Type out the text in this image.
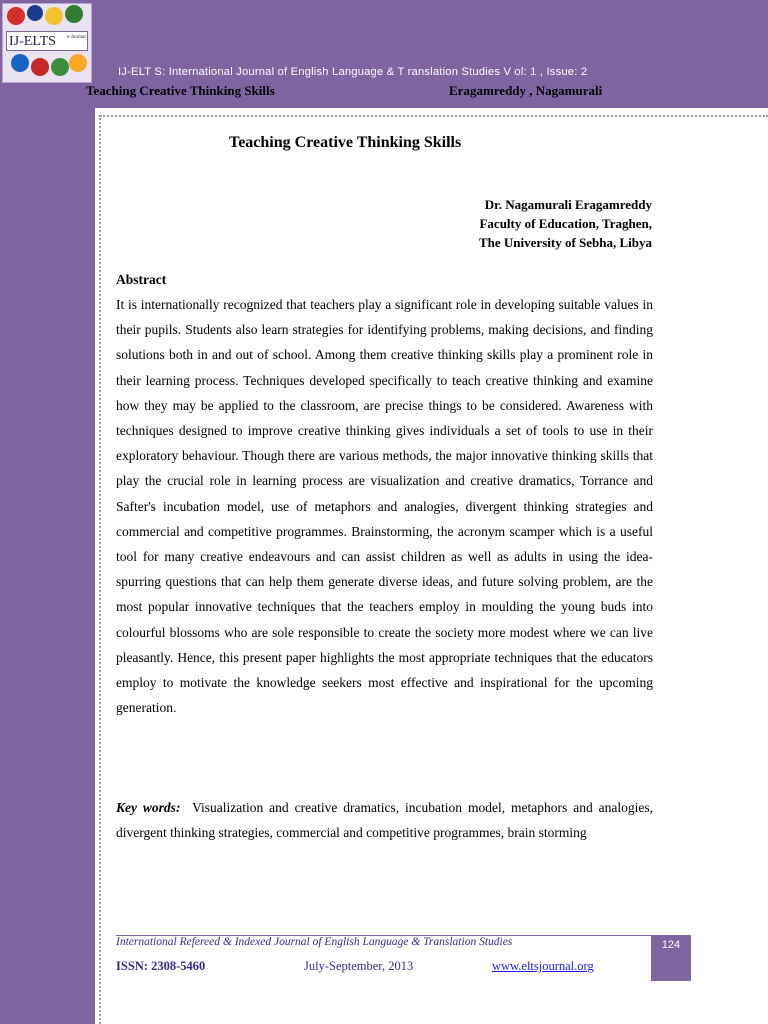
IJ-ELTS	e-Journal
IJ-ELT S: International Journal of English Language & T ranslation Studies V ol: 1 , Issue: 2
Teaching Creative Thinking Skills	Eragamreddy , Nagamurali
Teaching Creative Thinking Skills
Dr. Nagamurali Eragamreddy
Faculty of Education, Traghen,
The University of Sebha, Libya
Abstract

It is internationally recognized that teachers play a significant role in developing suitable values in their pupils. Students also learn strategies for identifying problems, making decisions, and finding solutions both in and out of school. Among them creative thinking skills play a prominent role in their learning process. Techniques developed specifically to teach creative thinking and examine how they may be applied to the classroom, are precise things to be considered. Awareness with techniques designed to improve creative thinking gives individuals a set of tools to use in their exploratory behaviour. Though there are various methods, the major innovative thinking skills that play the crucial role in learning process are visualization and creative dramatics, Torrance and Safter's incubation model, use of metaphors and analogies, divergent thinking strategies and commercial and competitive programmes. Brainstorming, the acronym scamper which is a useful tool for many creative endeavours and can assist children as well as adults in using the idea-spurring questions that can help them generate diverse ideas, and future solving problem, are the most popular innovative techniques that the teachers employ in moulding the young buds into colourful blossoms who are sole responsible to create the society more modest where we can live pleasantly. Hence, this present paper highlights the most appropriate techniques that the educators employ to motivate the knowledge seekers most effective and inspirational for the upcoming generation.

Key words: Visualization and creative dramatics, incubation model, metaphors and analogies, divergent thinking strategies, commercial and competitive programmes, brain storming

International Refereed & Indexed Journal of English Language & Translation Studies
ISSN: 2308-5460	July-September, 2013	www.eltsjournal.org
124
